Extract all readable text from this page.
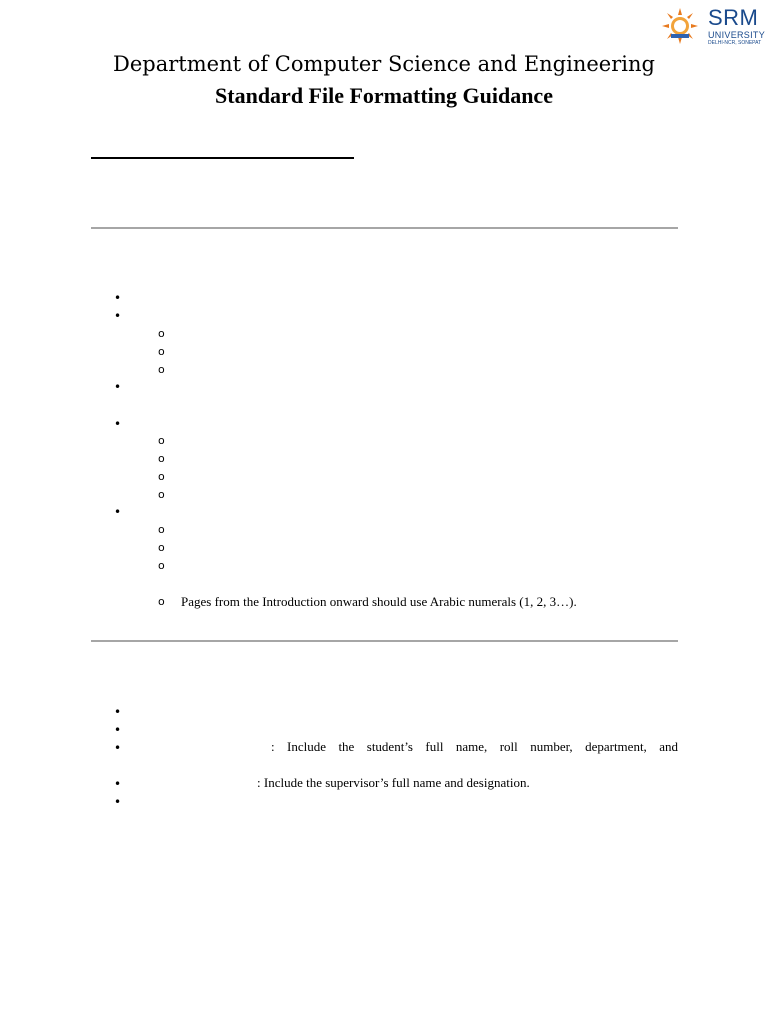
SRM
UNIVERSITY
DELHI-NCR, SONEPAT
Department of Computer Science and Engineering
Standard File Formatting Guidance
•
•
o
o
o
•
•
o
o
o
o
•
o
o
o
o Pages from the Introduction onward should use Arabic numerals (1, 2, 3…).
•
•
•	: Include the student’s full name, roll number, department, and
•	: Include the supervisor’s full name and designation.
•
